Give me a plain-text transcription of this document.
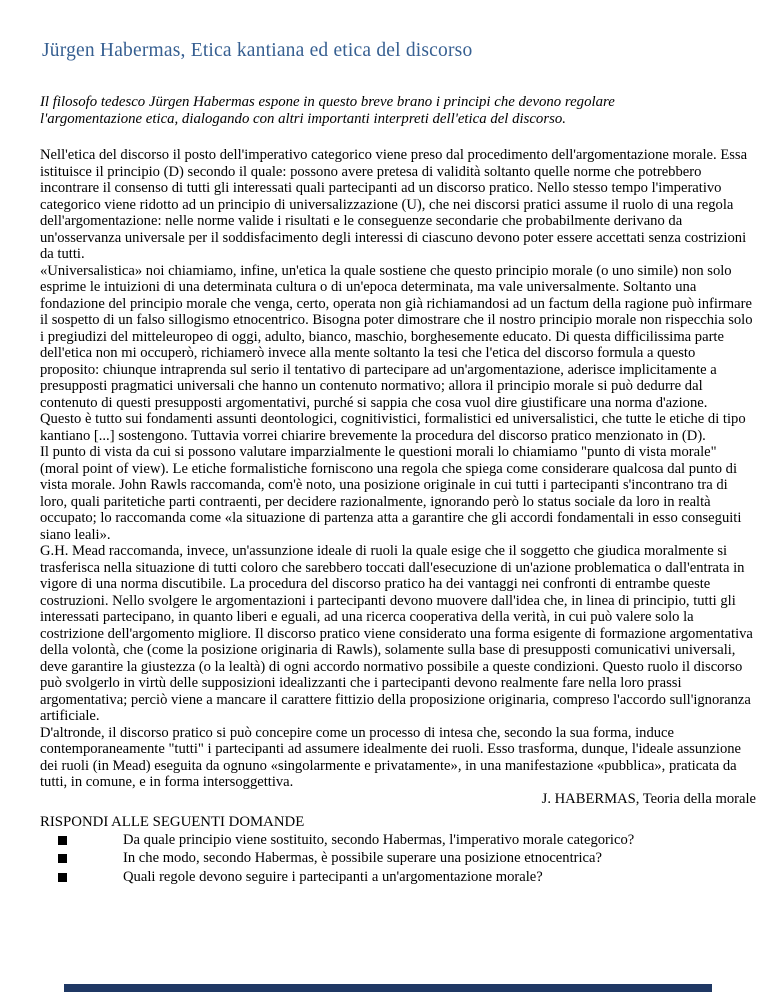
Jürgen Habermas, Etica kantiana ed etica del discorso

Il filosofo tedesco Jürgen Habermas espone in questo breve brano i principi che devono regolare l'argomentazione etica, dialogando con altri importanti interpreti dell'etica del discorso.

Nell'etica del discorso il posto dell'imperativo categorico viene preso dal procedimento dell'argomentazione morale. Essa istituisce il principio (D) secondo il quale: possono avere pretesa di validità soltanto quelle norme che potrebbero incontrare il consenso di tutti gli interessati quali partecipanti ad un discorso pratico. Nello stesso tempo l'imperativo categorico viene ridotto ad un principio di universalizzazione (U), che nei discorsi pratici assume il ruolo di una regola dell'argomentazione: nelle norme valide i risultati e le conseguenze secondarie che probabilmente derivano da un'osservanza universale per il soddisfacimento degli interessi di ciascuno devono poter essere accettati senza costrizioni da tutti.

«Universalistica» noi chiamiamo, infine, un'etica la quale sostiene che questo principio morale (o uno simile) non solo esprime le intuizioni di una determinata cultura o di un'epoca determinata, ma vale universalmente. Soltanto una fondazione del principio morale che venga, certo, operata non già richiamandosi ad un factum della ragione può infirmare il sospetto di un falso sillogismo etnocentrico. Bisogna poter dimostrare che il nostro principio morale non rispecchia solo i pregiudizi del mitteleuropeo di oggi, adulto, bianco, maschio, borghesemente educato. Di questa difficilissima parte dell'etica non mi occuperò, richiamerò invece alla mente soltanto la tesi che l'etica del discorso formula a questo proposito: chiunque intraprenda sul serio il tentativo di partecipare ad un'argomentazione, aderisce implicitamente a presupposti pragmatici universali che hanno un contenuto normativo; allora il principio morale si può dedurre dal contenuto di questi presupposti argomentativi, purché si sappia che cosa vuol dire giustificare una norma d'azione.

Questo è tutto sui fondamenti assunti deontologici, cognitivistici, formalistici ed universalistici, che tutte le etiche di tipo kantiano [...] sostengono. Tuttavia vorrei chiarire brevemente la procedura del discorso pratico menzionato in (D).

Il punto di vista da cui si possono valutare imparzialmente le questioni morali lo chiamiamo "punto di vista morale" (moral point of view). Le etiche formalistiche forniscono una regola che spiega come considerare qualcosa dal punto di vista morale. John Rawls raccomanda, com'è noto, una posizione originale in cui tutti i partecipanti s'incontrano tra di loro, quali paritetiche parti contraenti, per decidere razionalmente, ignorando però lo status sociale da loro in realtà occupato; lo raccomanda come «la situazione di partenza atta a garantire che gli accordi fondamentali in esso conseguiti siano leali».

G.H. Mead raccomanda, invece, un'assunzione ideale di ruoli la quale esige che il soggetto che giudica moralmente si trasferisca nella situazione di tutti coloro che sarebbero toccati dall'esecuzione di un'azione problematica o dall'entrata in vigore di una norma discutibile. La procedura del discorso pratico ha dei vantaggi nei confronti di entrambe queste costruzioni. Nello svolgere le argomentazioni i partecipanti devono muovere dall'idea che, in linea di principio, tutti gli interessati partecipano, in quanto liberi e eguali, ad una ricerca cooperativa della verità, in cui può valere solo la costrizione dell'argomento migliore. Il discorso pratico viene considerato una forma esigente di formazione argomentativa della volontà, che (come la posizione originaria di Rawls), solamente sulla base di presupposti comunicativi universali, deve garantire la giustezza (o la lealtà) di ogni accordo normativo possibile a queste condizioni. Questo ruolo il discorso può svolgerlo in virtù delle supposizioni idealizzanti che i partecipanti devono realmente fare nella loro prassi argomentativa; perciò viene a mancare il carattere fittizio della proposizione originaria, compreso l'accordo sull'ignoranza artificiale.

D'altronde, il discorso pratico si può concepire come un processo di intesa che, secondo la sua forma, induce contemporaneamente "tutti" i partecipanti ad assumere idealmente dei ruoli. Esso trasforma, dunque, l'ideale assunzione dei ruoli (in Mead) eseguita da ognuno «singolarmente e privatamente», in una manifestazione «pubblica», praticata da tutti, in comune, e in forma intersoggettiva.

J. HABERMAS, Teoria della morale

RISPONDI ALLE SEGUENTI DOMANDE
Da quale principio viene sostituito, secondo Habermas, l'imperativo morale categorico?
In che modo, secondo Habermas, è possibile superare una posizione etnocentrica?
Quali regole devono seguire i partecipanti a un'argomentazione morale?
